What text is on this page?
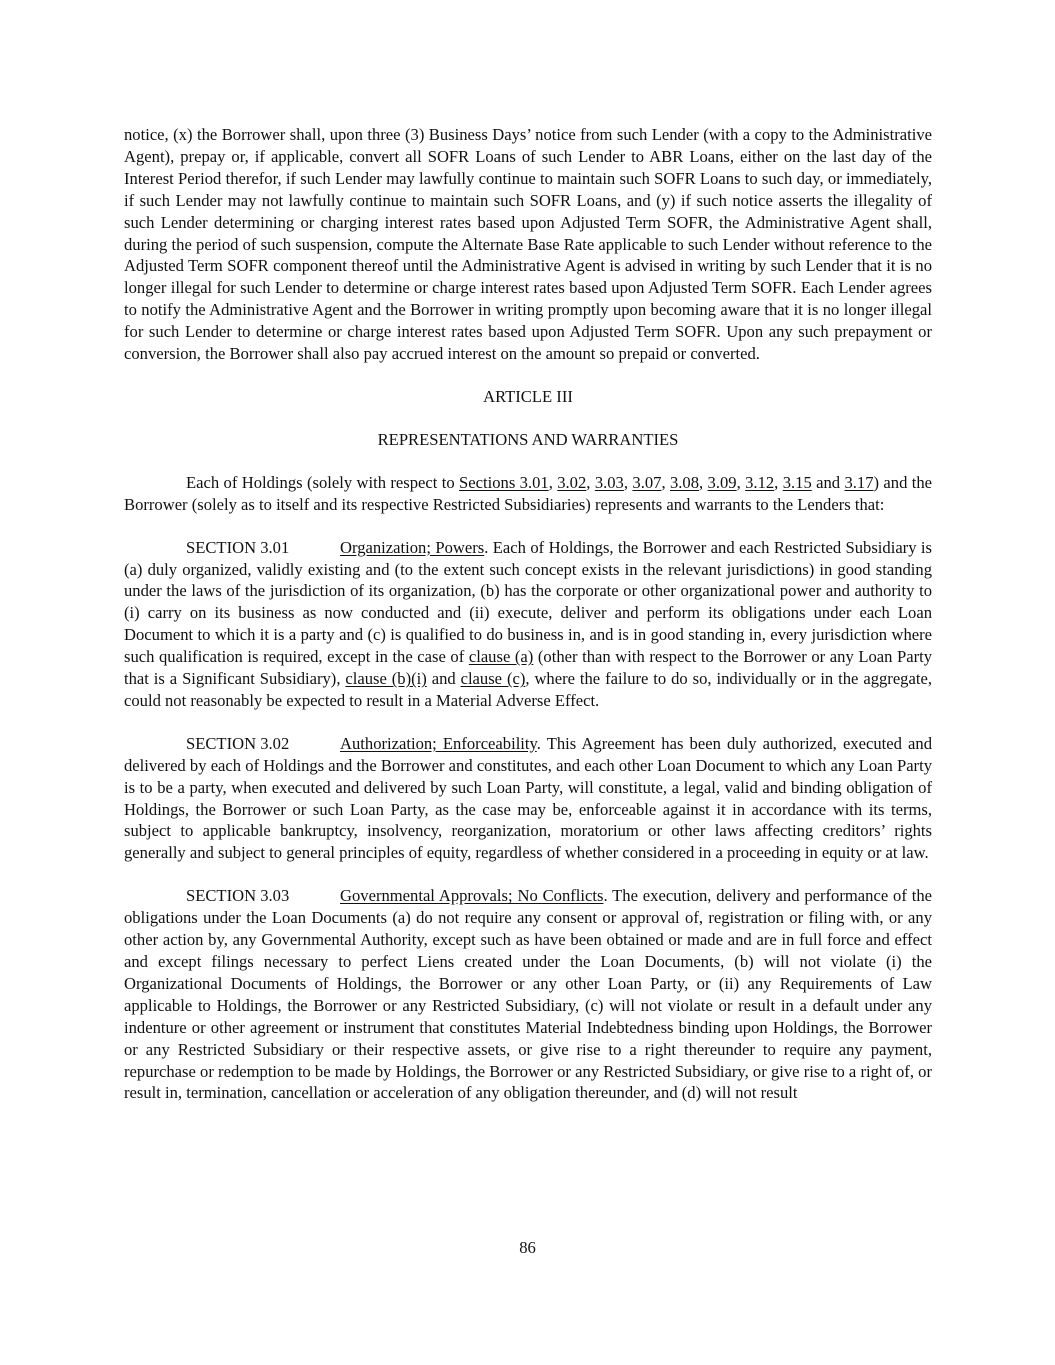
notice, (x) the Borrower shall, upon three (3) Business Days’ notice from such Lender (with a copy to the Administrative Agent), prepay or, if applicable, convert all SOFR Loans of such Lender to ABR Loans, either on the last day of the Interest Period therefor, if such Lender may lawfully continue to maintain such SOFR Loans to such day, or immediately, if such Lender may not lawfully continue to maintain such SOFR Loans, and (y) if such notice asserts the illegality of such Lender determining or charging interest rates based upon Adjusted Term SOFR, the Administrative Agent shall, during the period of such suspension, compute the Alternate Base Rate applicable to such Lender without reference to the Adjusted Term SOFR component thereof until the Administrative Agent is advised in writing by such Lender that it is no longer illegal for such Lender to determine or charge interest rates based upon Adjusted Term SOFR. Each Lender agrees to notify the Administrative Agent and the Borrower in writing promptly upon becoming aware that it is no longer illegal for such Lender to determine or charge interest rates based upon Adjusted Term SOFR. Upon any such prepayment or conversion, the Borrower shall also pay accrued interest on the amount so prepaid or converted.

ARTICLE III

REPRESENTATIONS AND WARRANTIES

Each of Holdings (solely with respect to Sections 3.01, 3.02, 3.03, 3.07, 3.08, 3.09, 3.12, 3.15 and 3.17) and the Borrower (solely as to itself and its respective Restricted Subsidiaries) represents and warrants to the Lenders that:

SECTION 3.01	Organization; Powers. Each of Holdings, the Borrower and each Restricted Subsidiary is (a) duly organized, validly existing and (to the extent such concept exists in the relevant jurisdictions) in good standing under the laws of the jurisdiction of its organization, (b) has the corporate or other organizational power and authority to (i) carry on its business as now conducted and (ii) execute, deliver and perform its obligations under each Loan Document to which it is a party and (c) is qualified to do business in, and is in good standing in, every jurisdiction where such qualification is required, except in the case of clause (a) (other than with respect to the Borrower or any Loan Party that is a Significant Subsidiary), clause (b)(i) and clause (c), where the failure to do so, individually or in the aggregate, could not reasonably be expected to result in a Material Adverse Effect.

SECTION 3.02	Authorization; Enforceability. This Agreement has been duly authorized, executed and delivered by each of Holdings and the Borrower and constitutes, and each other Loan Document to which any Loan Party is to be a party, when executed and delivered by such Loan Party, will constitute, a legal, valid and binding obligation of Holdings, the Borrower or such Loan Party, as the case may be, enforceable against it in accordance with its terms, subject to applicable bankruptcy, insolvency, reorganization, moratorium or other laws affecting creditors’ rights generally and subject to general principles of equity, regardless of whether considered in a proceeding in equity or at law.

SECTION 3.03	Governmental Approvals; No Conflicts. The execution, delivery and performance of the obligations under the Loan Documents (a) do not require any consent or approval of, registration or filing with, or any other action by, any Governmental Authority, except such as have been obtained or made and are in full force and effect and except filings necessary to perfect Liens created under the Loan Documents, (b) will not violate (i) the Organizational Documents of Holdings, the Borrower or any other Loan Party, or (ii) any Requirements of Law applicable to Holdings, the Borrower or any Restricted Subsidiary, (c) will not violate or result in a default under any indenture or other agreement or instrument that constitutes Material Indebtedness binding upon Holdings, the Borrower or any Restricted Subsidiary or their respective assets, or give rise to a right thereunder to require any payment, repurchase or redemption to be made by Holdings, the Borrower or any Restricted Subsidiary, or give rise to a right of, or result in, termination, cancellation or acceleration of any obligation thereunder, and (d) will not result

86
